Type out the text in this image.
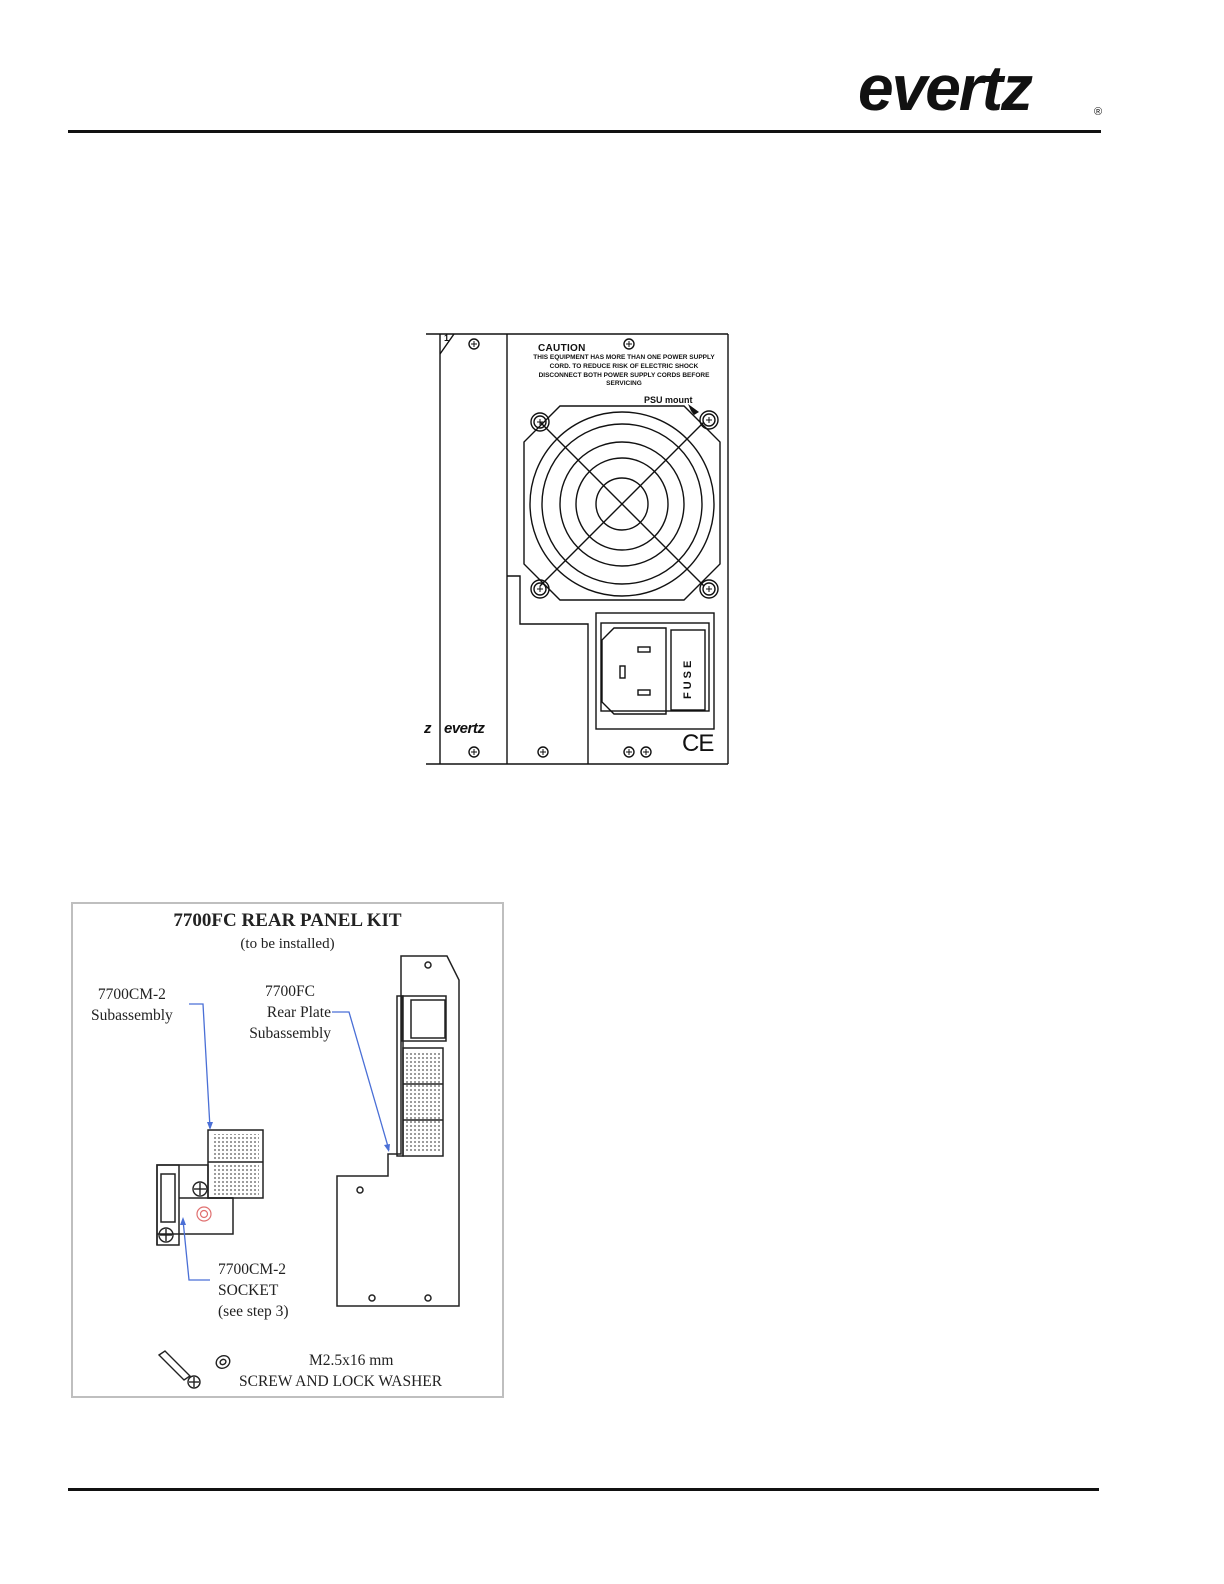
evertz	®
1
CAUTION
THIS EQUIPMENT HAS MORE THAN ONE POWER SUPPLY CORD. TO REDUCE RISK OF ELECTRIC SHOCK DISCONNECT BOTH POWER SUPPLY CORDS BEFORE SERVICING
PSU mount
FUSE
CE
z evertz
7700FC REAR PANEL KIT
(to be installed)
7700CM-2
Subassembly
7700FC
Rear Plate
Subassembly
7700CM-2
SOCKET
(see step 3)
M2.5x16 mm
SCREW AND LOCK WASHER
